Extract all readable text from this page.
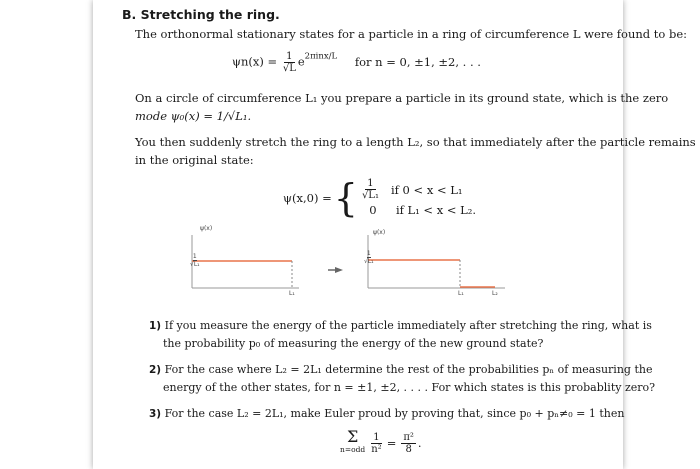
B. Stretching the ring.
The orthonormal stationary states for a particle in a ring of circumference L were found to be:
$\psi n(x) = \frac{1}{√L} e^{2\pi inx/L}$ for n = 0, ±1, ±2, . . .
On a circle of circumference L₁ you prepare a particle in its ground state, which is the zero
mode ψ₀(x) = 1/√L₁.
You then suddenly stretch the ring to a length L₂, so that immediately after the particle remains
in the original state:
ψ(x,0) = { $\frac{1}{\text{√L₁}}$ if 0 < x < L₁
0	if L₁ < x < L₂.
ψ(x)
1
√L₁
L₁
ψ(x)
1
√L₁
L₁	L₂
1) If you measure the energy of the particle immediately after stretching the ring, what is
the probability p₀ of measuring the energy of the new ground state?
2) For the case where L₂ = 2L₁ determine the rest of the probabilities pₙ of measuring the
energy of the other states, for n = ±1, ±2, . . . . For which states is this probablity zero?
3) For the case L₂ = 2L₁, make Euler proud by proving that, since p₀ + pₙ≠₀ = 1 then
Σ
$n=odd \frac{1}{\text{n²}} = \frac{\text{π²}}{8}$ .
